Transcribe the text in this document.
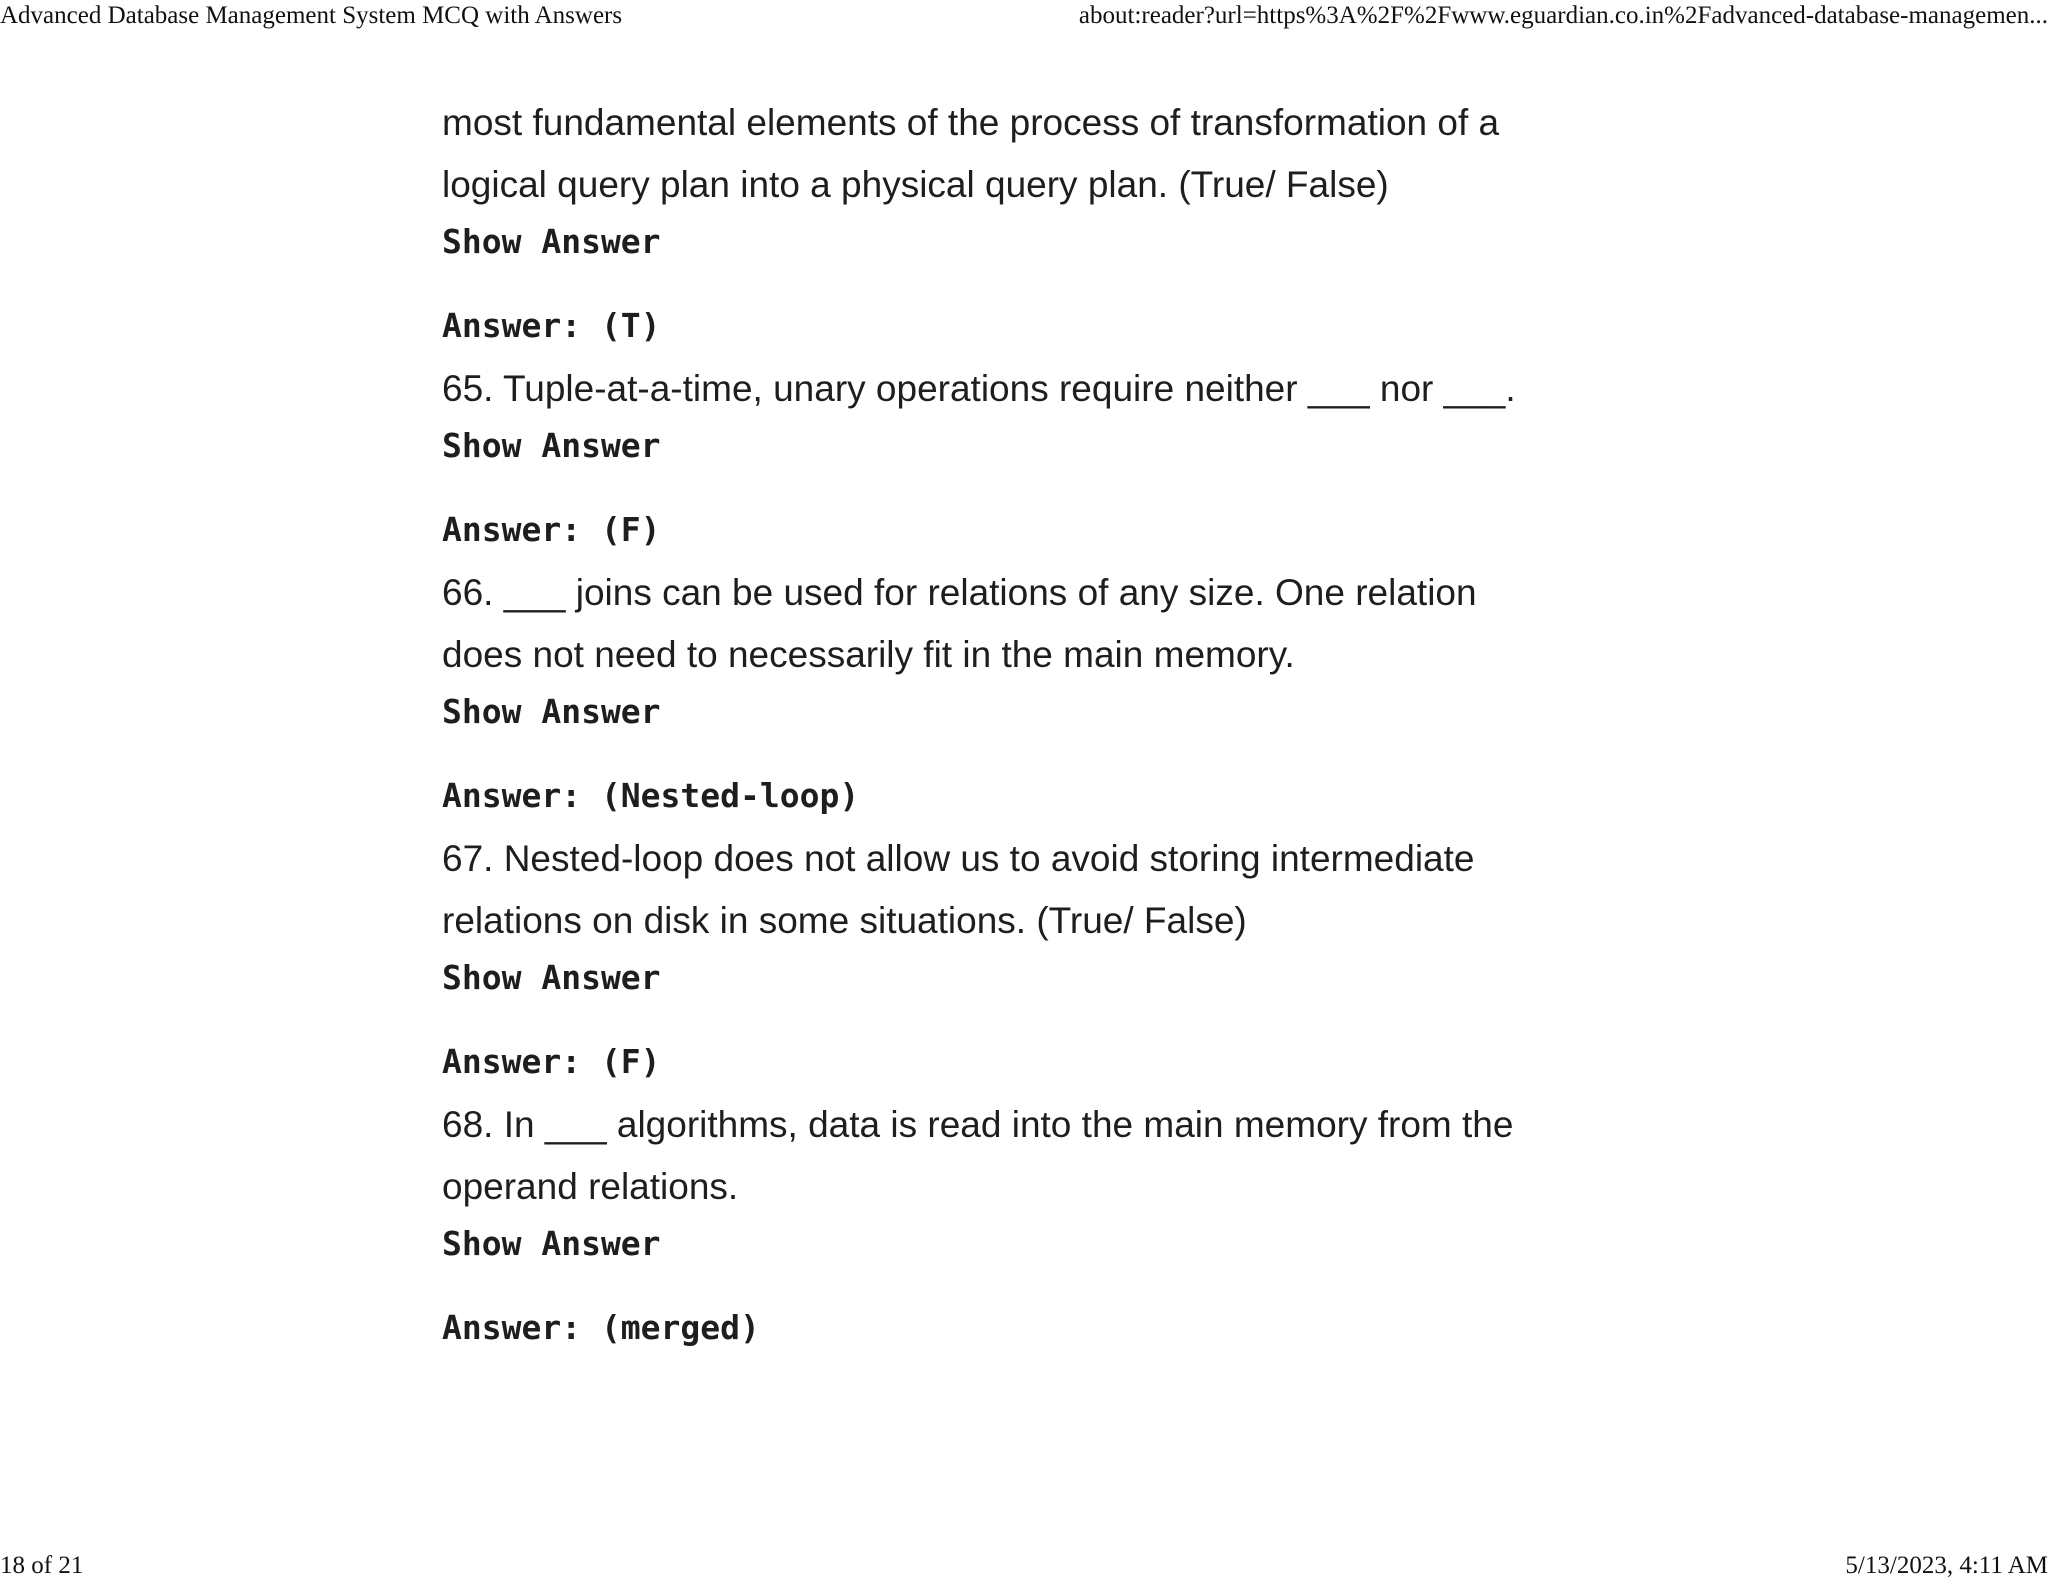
Advanced Database Management System MCQ with Answers	about:reader?url=https%3A%2F%2Fwww.eguardian.co.in%2Fadvanced-database-managemen...

most fundamental elements of the process of transformation of a

logical query plan into a physical query plan. (True/ False)

Show Answer
Answer: (T)

65. Tuple-at-a-time, unary operations require neither ___ nor ___.

Show Answer
Answer: (F)

66. ___ joins can be used for relations of any size. One relation

does not need to necessarily fit in the main memory.

Show Answer
Answer: (Nested-loop)

67. Nested-loop does not allow us to avoid storing intermediate

relations on disk in some situations. (True/ False)

Show Answer
Answer: (F)

68. In ___ algorithms, data is read into the main memory from the

operand relations.

Show Answer
Answer: (merged)
18 of 21	5/13/2023, 4:11 AM
